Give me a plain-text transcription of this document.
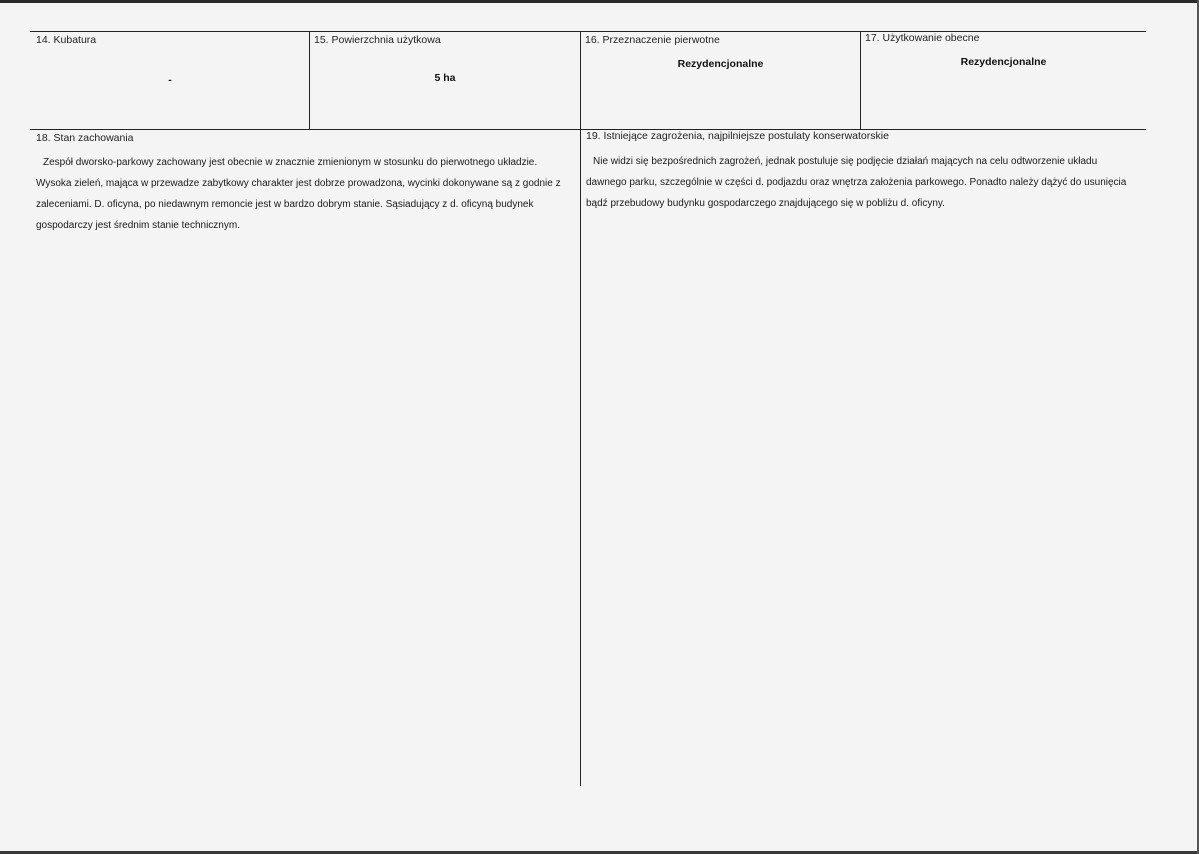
14. Kubatura
-
15. Powierzchnia użytkowa
5 ha
16. Przeznaczenie pierwotne
Rezydencjonalne
17. Użytkowanie obecne
Rezydencjonalne
18. Stan zachowania

Zespół dworsko-parkowy zachowany jest obecnie w znacznie zmienionym w stosunku do pierwotnego układzie. Wysoka zieleń, mająca w przewadze zabytkowy charakter jest dobrze prowadzona, wycinki dokonywane są z godnie z zaleceniami. D. oficyna, po niedawnym remoncie jest w bardzo dobrym stanie. Sąsiadujący z d. oficyną budynek gospodarczy jest średnim stanie technicznym.

19. Istniejące zagrożenia, najpilniejsze postulaty konserwatorskie

Nie widzi się bezpośrednich zagrożeń, jednak postuluje się podjęcie działań mających na celu odtworzenie układu dawnego parku, szczególnie w części d. podjazdu oraz wnętrza założenia parkowego. Ponadto należy dążyć do usunięcia bądź przebudowy budynku gospodarczego znajdującego się w pobliżu d. oficyny.
